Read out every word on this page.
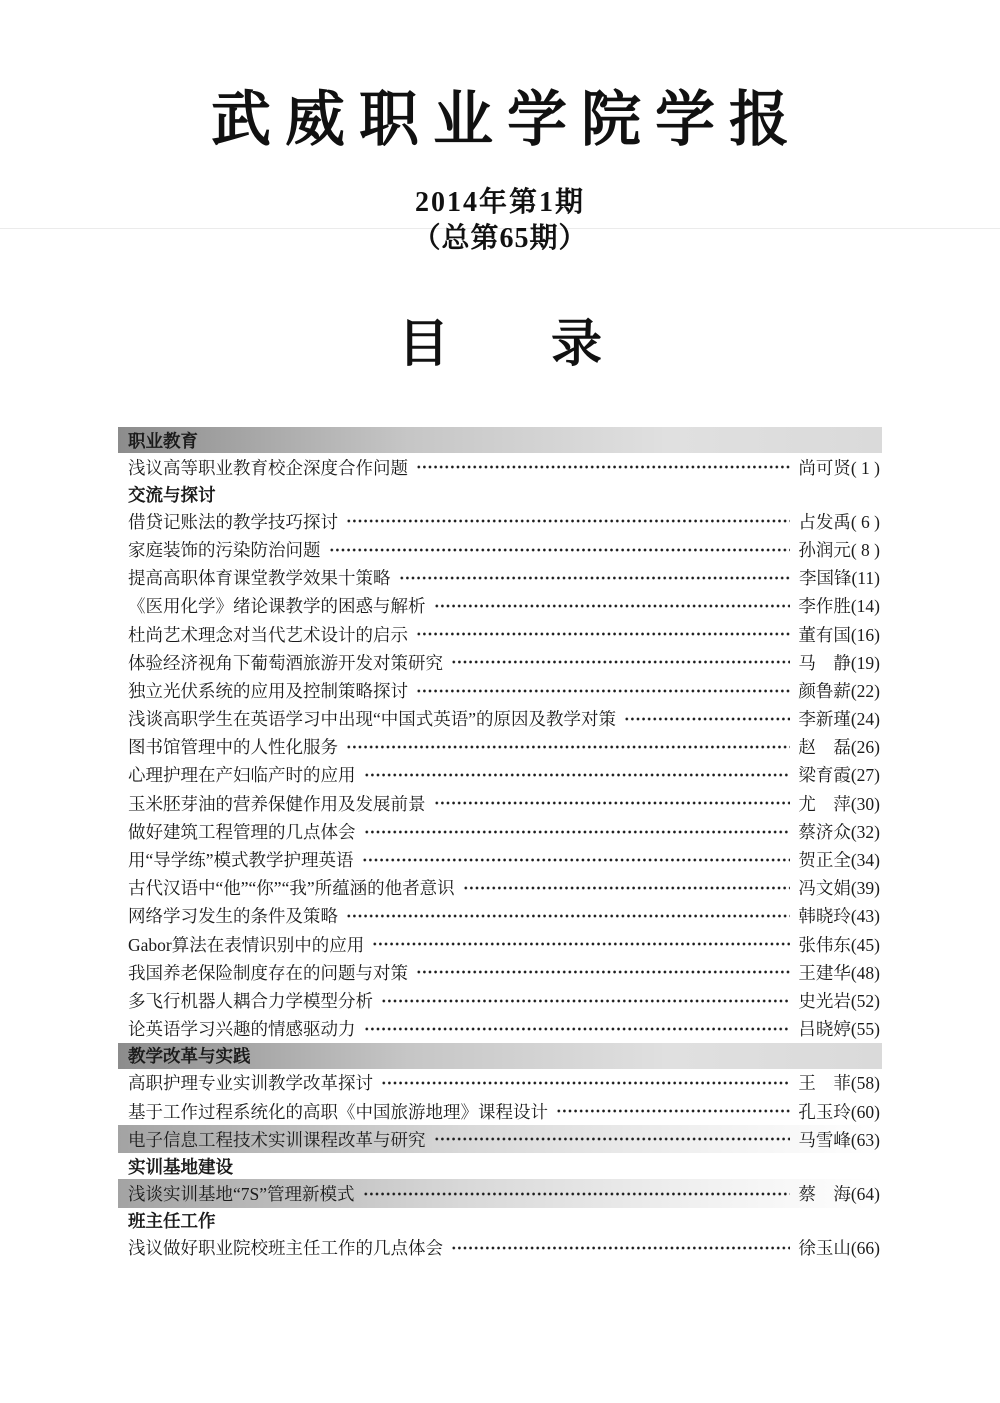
武威职业学院学报
2014年第1期
（总第65期）
目　　录
职业教育
浅议高等职业教育校企深度合作问题	尚可贤( 1 )
交流与探讨
借贷记账法的教学技巧探讨	占发禹( 6 )
家庭装饰的污染防治问题	孙润元( 8 )
提高高职体育课堂教学效果十策略	李国锋(11)
《医用化学》绪论课教学的困惑与解析	李作胜(14)
杜尚艺术理念对当代艺术设计的启示	董有国(16)
体验经济视角下葡萄酒旅游开发对策研究	马　静(19)
独立光伏系统的应用及控制策略探讨	颜鲁薪(22)
浅谈高职学生在英语学习中出现“中国式英语”的原因及教学对策	李新瑾(24)
图书馆管理中的人性化服务	赵　磊(26)
心理护理在产妇临产时的应用	梁育霞(27)
玉米胚芽油的营养保健作用及发展前景	尤　萍(30)
做好建筑工程管理的几点体会	蔡济众(32)
用“导学练”模式教学护理英语	贺正全(34)
古代汉语中“他”“你”“我”所蕴涵的他者意识	冯文娟(39)
网络学习发生的条件及策略	韩晓玲(43)
Gabor算法在表情识别中的应用	张伟东(45)
我国养老保险制度存在的问题与对策	王建华(48)
多飞行机器人耦合力学模型分析	史光岩(52)
论英语学习兴趣的情感驱动力	吕晓婷(55)
教学改革与实践
高职护理专业实训教学改革探讨	王　菲(58)
基于工作过程系统化的高职《中国旅游地理》课程设计	孔玉玲(60)
电子信息工程技术实训课程改革与研究	马雪峰(63)
实训基地建设
浅谈实训基地“7S”管理新模式	蔡　海(64)
班主任工作
浅议做好职业院校班主任工作的几点体会	徐玉山(66)
